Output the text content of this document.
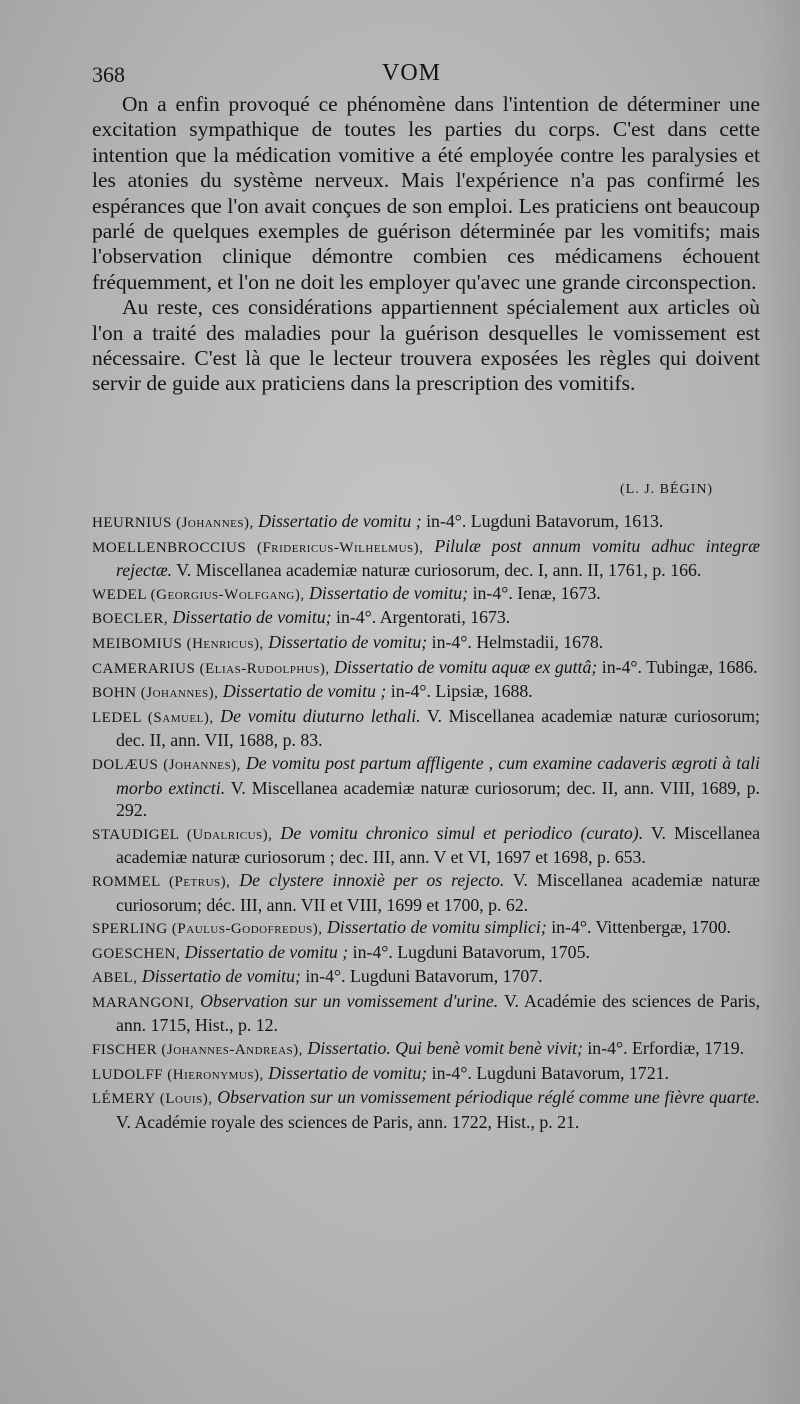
368	VOM

On a enfin provoqué ce phénomène dans l'intention de déterminer une excitation sympathique de toutes les parties du corps. C'est dans cette intention que la médication vomitive a été employée contre les paralysies et les atonies du système nerveux. Mais l'expérience n'a pas confirmé les espérances que l'on avait conçues de son emploi. Les praticiens ont beaucoup parlé de quelques exemples de guérison déterminée par les vomitifs; mais l'observation clinique démontre combien ces médicamens échouent fréquemment, et l'on ne doit les employer qu'avec une grande circonspection.

Au reste, ces considérations appartiennent spécialement aux articles où l'on a traité des maladies pour la guérison desquelles le vomissement est nécessaire. C'est là que le lecteur trouvera exposées les règles qui doivent servir de guide aux praticiens dans la prescription des vomitifs.

(L. J. BÉGIN)

HEURNIUS (Johannes), Dissertatio de vomitu ; in-4°. Lugduni Batavorum, 1613.

MOELLENBROCCIUS (Fridericus-Wilhelmus), Pilulæ post annum vomitu adhuc integræ rejectæ. V. Miscellanea academiæ naturæ curiosorum, dec. I, ann. II, 1761, p. 166.

WEDEL (Georgius-Wolfgang), Dissertatio de vomitu; in-4°. Ienæ, 1673.

BOECLER, Dissertatio de vomitu; in-4°. Argentorati, 1673.

MEIBOMIUS (Henricus), Dissertatio de vomitu; in-4°. Helmstadii, 1678.

CAMERARIUS (Elias-Rudolphus), Dissertatio de vomitu aquæ ex guttâ; in-4°. Tubingæ, 1686.

BOHN (Johannes), Dissertatio de vomitu ; in-4°. Lipsiæ, 1688.

LEDEL (Samuel), De vomitu diuturno lethali. V. Miscellanea academiæ naturæ curiosorum; dec. II, ann. VII, 1688, p. 83.

DOLÆUS (Johannes), De vomitu post partum affligente , cum examine cadaveris ægroti à tali morbo extincti. V. Miscellanea academiæ naturæ curiosorum; dec. II, ann. VIII, 1689, p. 292.

STAUDIGEL (Udalricus), De vomitu chronico simul et periodico (curato). V. Miscellanea academiæ naturæ curiosorum ; dec. III, ann. V et VI, 1697 et 1698, p. 653.

ROMMEL (Petrus), De clystere innoxiè per os rejecto. V. Miscellanea academiæ naturæ curiosorum; déc. III, ann. VII et VIII, 1699 et 1700, p. 62.

SPERLING (Paulus-Godofredus), Dissertatio de vomitu simplici; in-4°. Vittenbergæ, 1700.

GOESCHEN, Dissertatio de vomitu ; in-4°. Lugduni Batavorum, 1705.

ABEL, Dissertatio de vomitu; in-4°. Lugduni Batavorum, 1707.

MARANGONI, Observation sur un vomissement d'urine. V. Académie des sciences de Paris, ann. 1715, Hist., p. 12.

FISCHER (Johannes-Andreas), Dissertatio. Qui benè vomit benè vivit; in-4°. Erfordiæ, 1719.

LUDOLFF (Hieronymus), Dissertatio de vomitu; in-4°. Lugduni Batavorum, 1721.

LÉMERY (Louis), Observation sur un vomissement périodique réglé comme une fièvre quarte. V. Académie royale des sciences de Paris, ann. 1722, Hist., p. 21.
